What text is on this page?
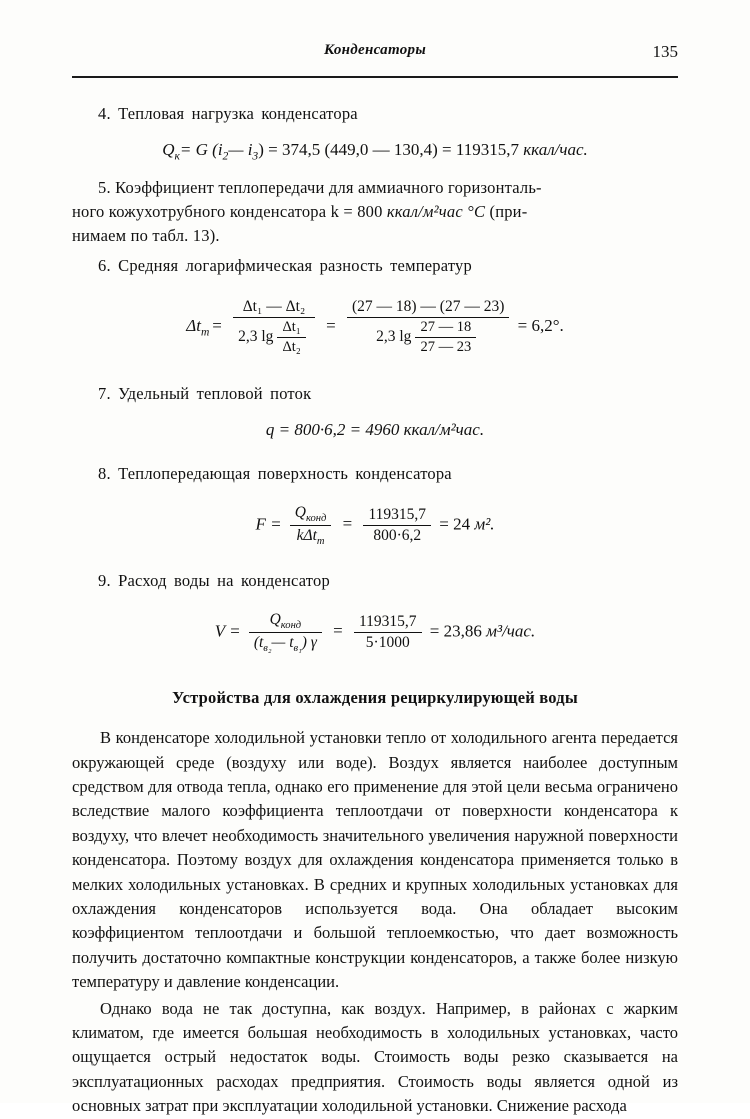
Конденсаторы	135
4. Тепловая нагрузка конденсатора
$Q_к= G$ ($i_2—$ $i_3) = 374,5$ (449,0 — 130,4) = 119315,7 ккал/час.
5. Коэффициент теплопередачи для аммиачного горизонталь-
ного кожухотрубного конденсатора k = 800 ккал/м²час °С (при-
нимаем по табл. 13).
6. Средняя логарифмическая разность температур
$\Delta t_m = \frac{\text{Δt₁ — Δt₂}}{2,3 \lg \frac{\text{Δt₁}}{\text{Δt₂}}} = \frac{(27 — 18) — (27 — 23)}{2,3 \lg \frac{27 — 18}{27 — 23}} = 6,2^\circ$.
7. Удельный тепловой поток
q = 800·6,2 = 4960 ккал/м²час.
8. Теплопередающая поверхность конденсатора
$F = \frac{Q_{конд}}{k\Delta t_m} = \frac{119315,7}{800\cdot 6,2} = 24$ м².
9. Расход воды на конденсатор
$V = \frac{Q_{конд}}{(t_{в_2}— t_{в_1}) \gamma} = \frac{119315,7}{5\cdot 1000} = 23,86$ м³/час.
Устройства для охлаждения рециркулирующей воды

В конденсаторе холодильной установки тепло от холодильного агента передается окружающей среде (воздуху или воде). Воздух является наиболее доступным средством для отвода тепла, однако его применение для этой цели весьма ограничено вследствие малого коэффициента теплоотдачи от поверхности конденсатора к воздуху, что влечет необходимость значительного увеличения наружной поверхности конденсатора. Поэтому воздух для охлаждения конденсатора применяется только в мелких холодильных установках. В средних и крупных холодильных установках для охлаждения конденсаторов используется вода. Она обладает высоким коэффициентом теплоотдачи и большой теплоемкостью, что дает возможность получить достаточно компактные конструкции конденсаторов, а также более низкую температуру и давление конденсации.

Однако вода не так доступна, как воздух. Например, в районах с жарким климатом, где имеется большая необходимость в холодильных установках, часто ощущается острый недостаток воды. Стоимость воды резко сказывается на эксплуатационных расходах предприятия. Стоимость воды является одной из основных затрат при эксплуатации холодильной установки. Снижение расхода
